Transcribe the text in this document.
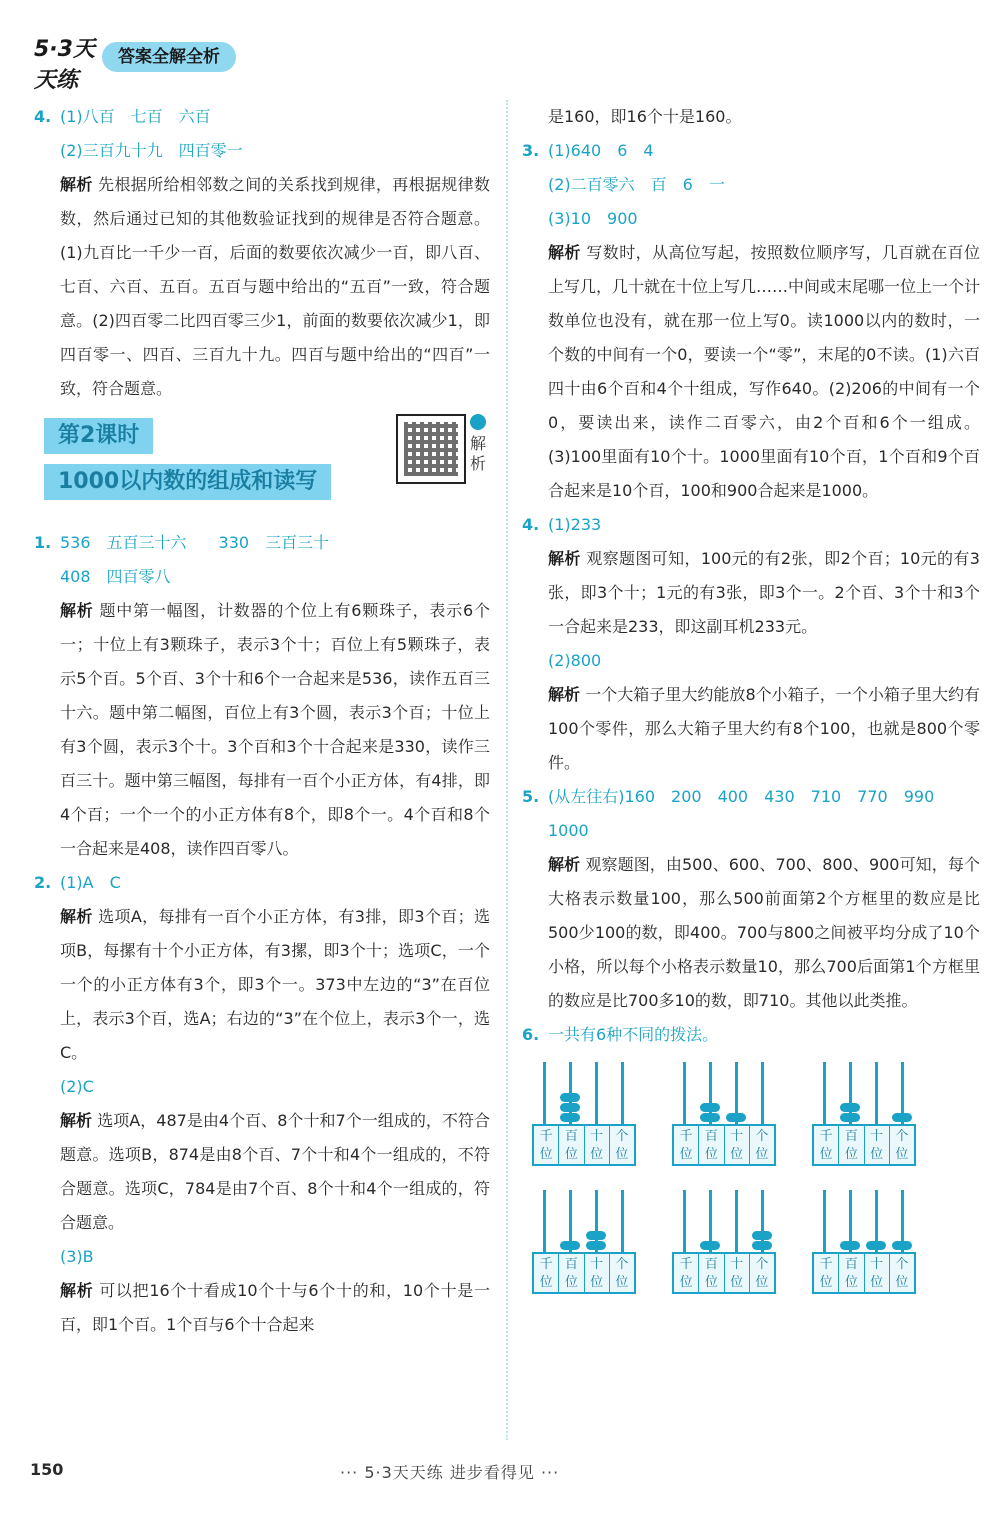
5·3天天练
答案全解全析
4. (1)八百　七百　六百
(2)三百九十九　四百零一
解析 先根据所给相邻数之间的关系找到规律，再根据规律数数，然后通过已知的其他数验证找到的规律是否符合题意。(1)九百比一千少一百，后面的数要依次减少一百，即八百、七百、六百、五百。五百与题中给出的“五百”一致，符合题意。(2)四百零二比四百零三少1，前面的数要依次减少1，即四百零一、四百、三百九十九。四百与题中给出的“四百”一致，符合题意。
第2课时
1000以内数的组成和读写
解析
1. 536　五百三十六　　330　三百三十
408　四百零八
解析 题中第一幅图，计数器的个位上有6颗珠子，表示6个一；十位上有3颗珠子，表示3个十；百位上有5颗珠子，表示5个百。5个百、3个十和6个一合起来是536，读作五百三十六。题中第二幅图，百位上有3个圆，表示3个百；十位上有3个圆，表示3个十。3个百和3个十合起来是330，读作三百三十。题中第三幅图，每排有一百个小正方体，有4排，即4个百；一个一个的小正方体有8个，即8个一。4个百和8个一合起来是408，读作四百零八。
2. (1)A　C
解析 选项A，每排有一百个小正方体，有3排，即3个百；选项B，每摞有十个小正方体，有3摞，即3个十；选项C，一个一个的小正方体有3个，即3个一。373中左边的“3”在百位上，表示3个百，选A；右边的“3”在个位上，表示3个一，选C。
(2)C
解析 选项A，487是由4个百、8个十和7个一组成的，不符合题意。选项B，874是由8个百、7个十和4个一组成的，不符合题意。选项C，784是由7个百、8个十和4个一组成的，符合题意。
(3)B
解析 可以把16个十看成10个十与6个十的和，10个十是一百，即1个百。1个百与6个十合起来
是160，即16个十是160。
3. (1)640　6　4
(2)二百零六　百　6　一
(3)10　900
解析 写数时，从高位写起，按照数位顺序写，几百就在百位上写几，几十就在十位上写几……中间或末尾哪一位上一个计数单位也没有，就在那一位上写0。读1000以内的数时，一个数的中间有一个0，要读一个“零”，末尾的0不读。(1)六百四十由6个百和4个十组成，写作640。(2)206的中间有一个0，要读出来，读作二百零六，由2个百和6个一组成。(3)100里面有10个十。1000里面有10个百，1个百和9个百合起来是10个百，100和900合起来是1000。
4. (1)233
解析 观察题图可知，100元的有2张，即2个百；10元的有3张，即3个十；1元的有3张，即3个一。2个百、3个十和3个一合起来是233，即这副耳机233元。
(2)800
解析 一个大箱子里大约能放8个小箱子，一个小箱子里大约有100个零件，那么大箱子里大约有8个100，也就是800个零件。
5. (从左往右)160　200　400　430　710　770　990
1000
解析 观察题图，由500、600、700、800、900可知，每个大格表示数量100，那么500前面第2个方框里的数应是比500少100的数，即400。700与800之间被平均分成了10个小格，所以每个小格表示数量10，那么700后面第1个方框里的数应是比700多10的数，即710。其他以此类推。
6. 一共有6种不同的拨法。
千
位
百
位
十
位
个
位
千
位
百
位
十
位
个
位
千
位
百
位
十
位
个
位
千
位
百
位
十
位
个
位
千
位
百
位
十
位
个
位
千
位
百
位
十
位
个
位
150	··· 5·3天天练 进步看得见 ···
